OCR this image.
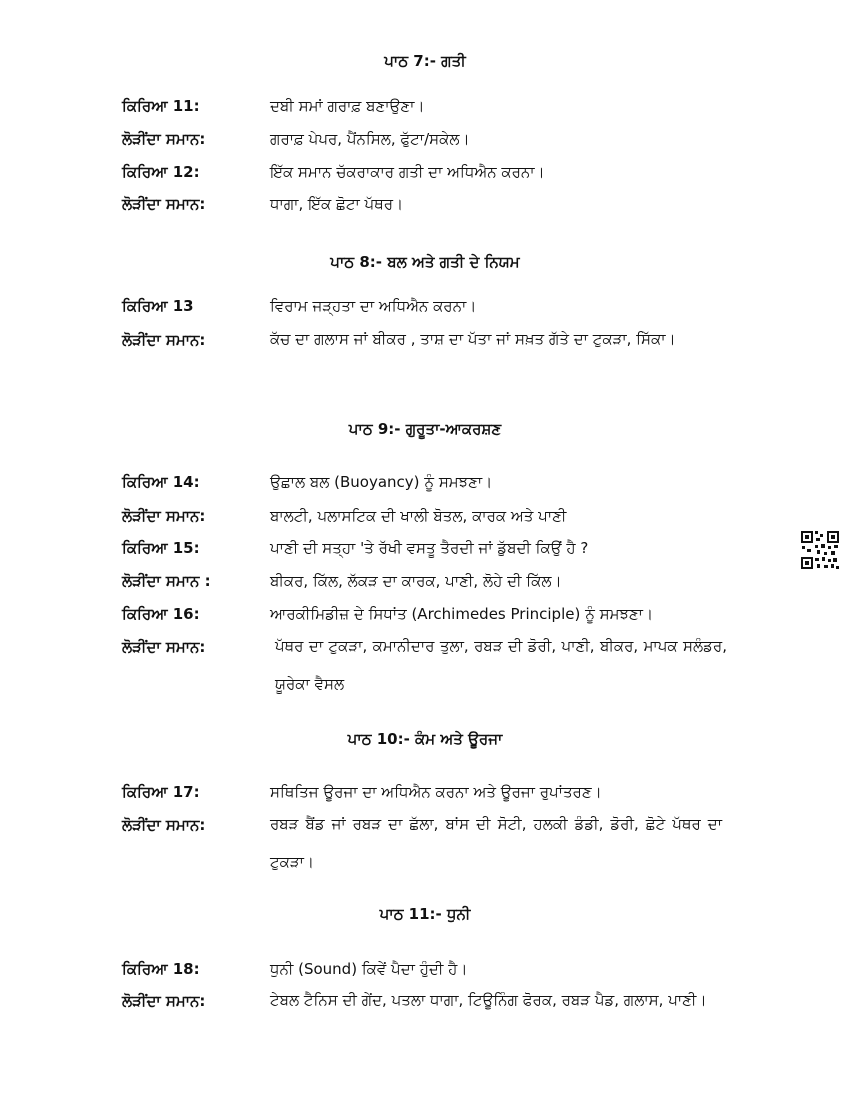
ਪਾਠ 7:- ਗਤੀ
ਕਿਰਿਆ 11:	ਦਬੀ ਸਮਾਂ ਗਰਾਫ਼ ਬਣਾਉਣਾ।
ਲੋੜੀਂਦਾ ਸਮਾਨ:	ਗਰਾਫ਼ ਪੇਪਰ, ਪੈਂਨਸਿਲ, ਫੁੱਟਾ/ਸਕੇਲ।
ਕਿਰਿਆ 12:	ਇੱਕ ਸਮਾਨ ਚੱਕਰਾਕਾਰ ਗਤੀ ਦਾ ਅਧਿਐਨ ਕਰਨਾ।
ਲੋੜੀਂਦਾ ਸਮਾਨ:	ਧਾਗਾ, ਇੱਕ ਛੋਟਾ ਪੱਥਰ।
ਪਾਠ 8:- ਬਲ ਅਤੇ ਗਤੀ ਦੇ ਨਿਯਮ
ਕਿਰਿਆ 13	ਵਿਰਾਮ ਜੜ੍ਹਤਾ ਦਾ ਅਧਿਐਨ ਕਰਨਾ।
ਲੋੜੀਂਦਾ ਸਮਾਨ:	ਕੱਚ ਦਾ ਗਲਾਸ ਜਾਂ ਬੀਕਰ , ਤਾਸ਼ ਦਾ ਪੱਤਾ ਜਾਂ ਸਖ਼ਤ ਗੱਤੇ ਦਾ ਟੁਕੜਾ, ਸਿੱਕਾ।
ਪਾਠ 9:- ਗੁਰੂਤਾ-ਆਕਰਸ਼ਣ
ਕਿਰਿਆ 14:	ਉਛਾਲ ਬਲ (Buoyancy) ਨੂੰ ਸਮਝਣਾ।
ਲੋੜੀਂਦਾ ਸਮਾਨ:	ਬਾਲਟੀ, ਪਲਾਸਟਿਕ ਦੀ ਖਾਲੀ ਬੋਤਲ, ਕਾਰਕ ਅਤੇ ਪਾਣੀ
ਕਿਰਿਆ 15:	ਪਾਣੀ ਦੀ ਸਤ੍ਹਾ 'ਤੇ ਰੱਖੀ ਵਸਤੂ ਤੈਰਦੀ ਜਾਂ ਡੁੱਬਦੀ ਕਿਉਂ ਹੈ ?
ਲੋੜੀਂਦਾ ਸਮਾਨ :	ਬੀਕਰ, ਕਿੱਲ, ਲੱਕੜ ਦਾ ਕਾਰਕ, ਪਾਣੀ, ਲੋਹੇ ਦੀ ਕਿੱਲ।
ਕਿਰਿਆ 16:	ਆਰਕੀਮਿਡੀਜ਼ ਦੇ ਸਿਧਾਂਤ (Archimedes Principle) ਨੂੰ ਸਮਝਣਾ।
ਲੋੜੀਂਦਾ ਸਮਾਨ:	ਪੱਥਰ ਦਾ ਟੁਕੜਾ, ਕਮਾਨੀਦਾਰ ਤੁਲਾ, ਰਬੜ ਦੀ ਡੋਰੀ, ਪਾਣੀ, ਬੀਕਰ, ਮਾਪਕ ਸਲੰਡਰ, ਯੂਰੇਕਾ ਵੈਸਲ
ਪਾਠ 10:- ਕੰਮ ਅਤੇ ਊਰਜਾ
ਕਿਰਿਆ 17:	ਸਥਿਤਿਜ ਊਰਜਾ ਦਾ ਅਧਿਐਨ ਕਰਨਾ ਅਤੇ ਊਰਜਾ ਰੁਪਾਂਤਰਣ।
ਲੋੜੀਂਦਾ ਸਮਾਨ:	ਰਬੜ ਬੈਂਡ ਜਾਂ ਰਬੜ ਦਾ ਛੱਲਾ, ਬਾਂਸ ਦੀ ਸੋਟੀ, ਹਲਕੀ ਡੰਡੀ, ਡੋਰੀ, ਛੋਟੇ ਪੱਥਰ ਦਾ ਟੁਕੜਾ।
ਪਾਠ 11:- ਧੁਨੀ
ਕਿਰਿਆ 18:	ਧੁਨੀ (Sound) ਕਿਵੇਂ ਪੈਦਾ ਹੁੰਦੀ ਹੈ।
ਲੋੜੀਂਦਾ ਸਮਾਨ:	ਟੇਬਲ ਟੈਨਿਸ ਦੀ ਗੇਂਦ, ਪਤਲਾ ਧਾਗਾ, ਟਿਊਨਿੰਗ ਫੋਰਕ, ਰਬੜ ਪੈਡ, ਗਲਾਸ, ਪਾਣੀ।
